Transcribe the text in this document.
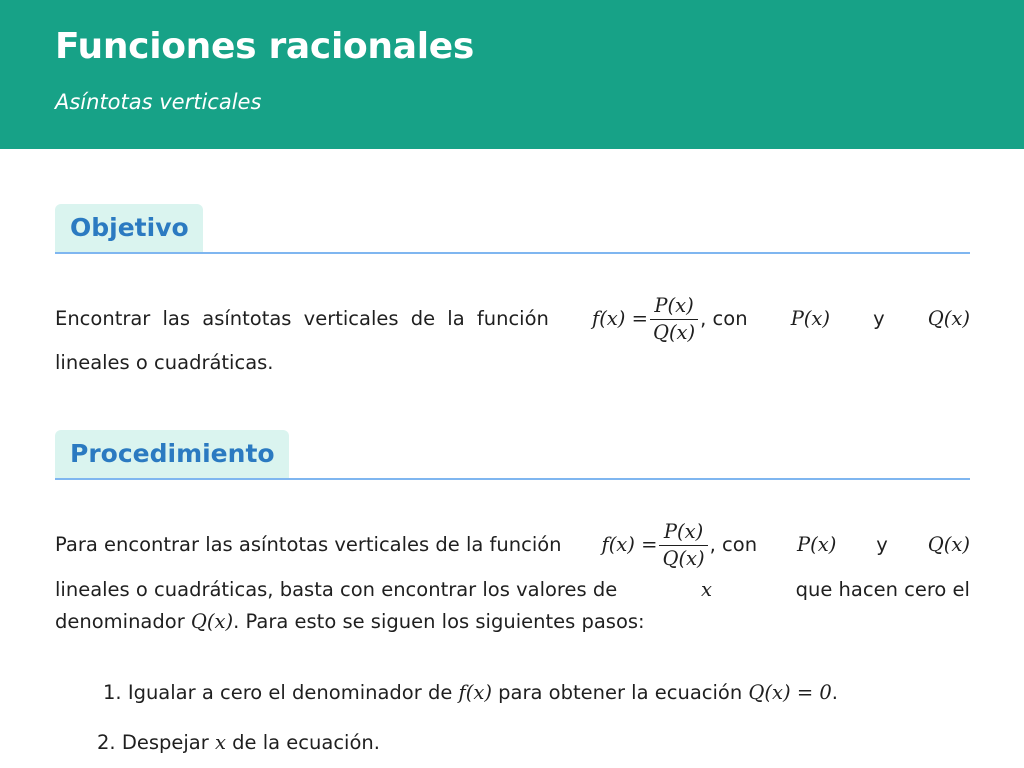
Funciones racionales
Asíntotas verticales
Objetivo
Encontrar las asíntotas verticales de la función $f(x) = \frac{P(x)}{Q(x)}$ , con P(x) y Q(x)
lineales o cuadráticas.
Procedimiento
Para encontrar las asíntotas verticales de la función $f(x) = \frac{P(x)}{Q(x)}$ , con P(x) y Q(x)
lineales o cuadráticas, basta con encontrar los valores de	x	que hacen cero el
denominador Q(x). Para esto se siguen los siguientes pasos:
1. Igualar a cero el denominador de f(x) para obtener la ecuación Q(x) = 0.
2. Despejar x de la ecuación.
